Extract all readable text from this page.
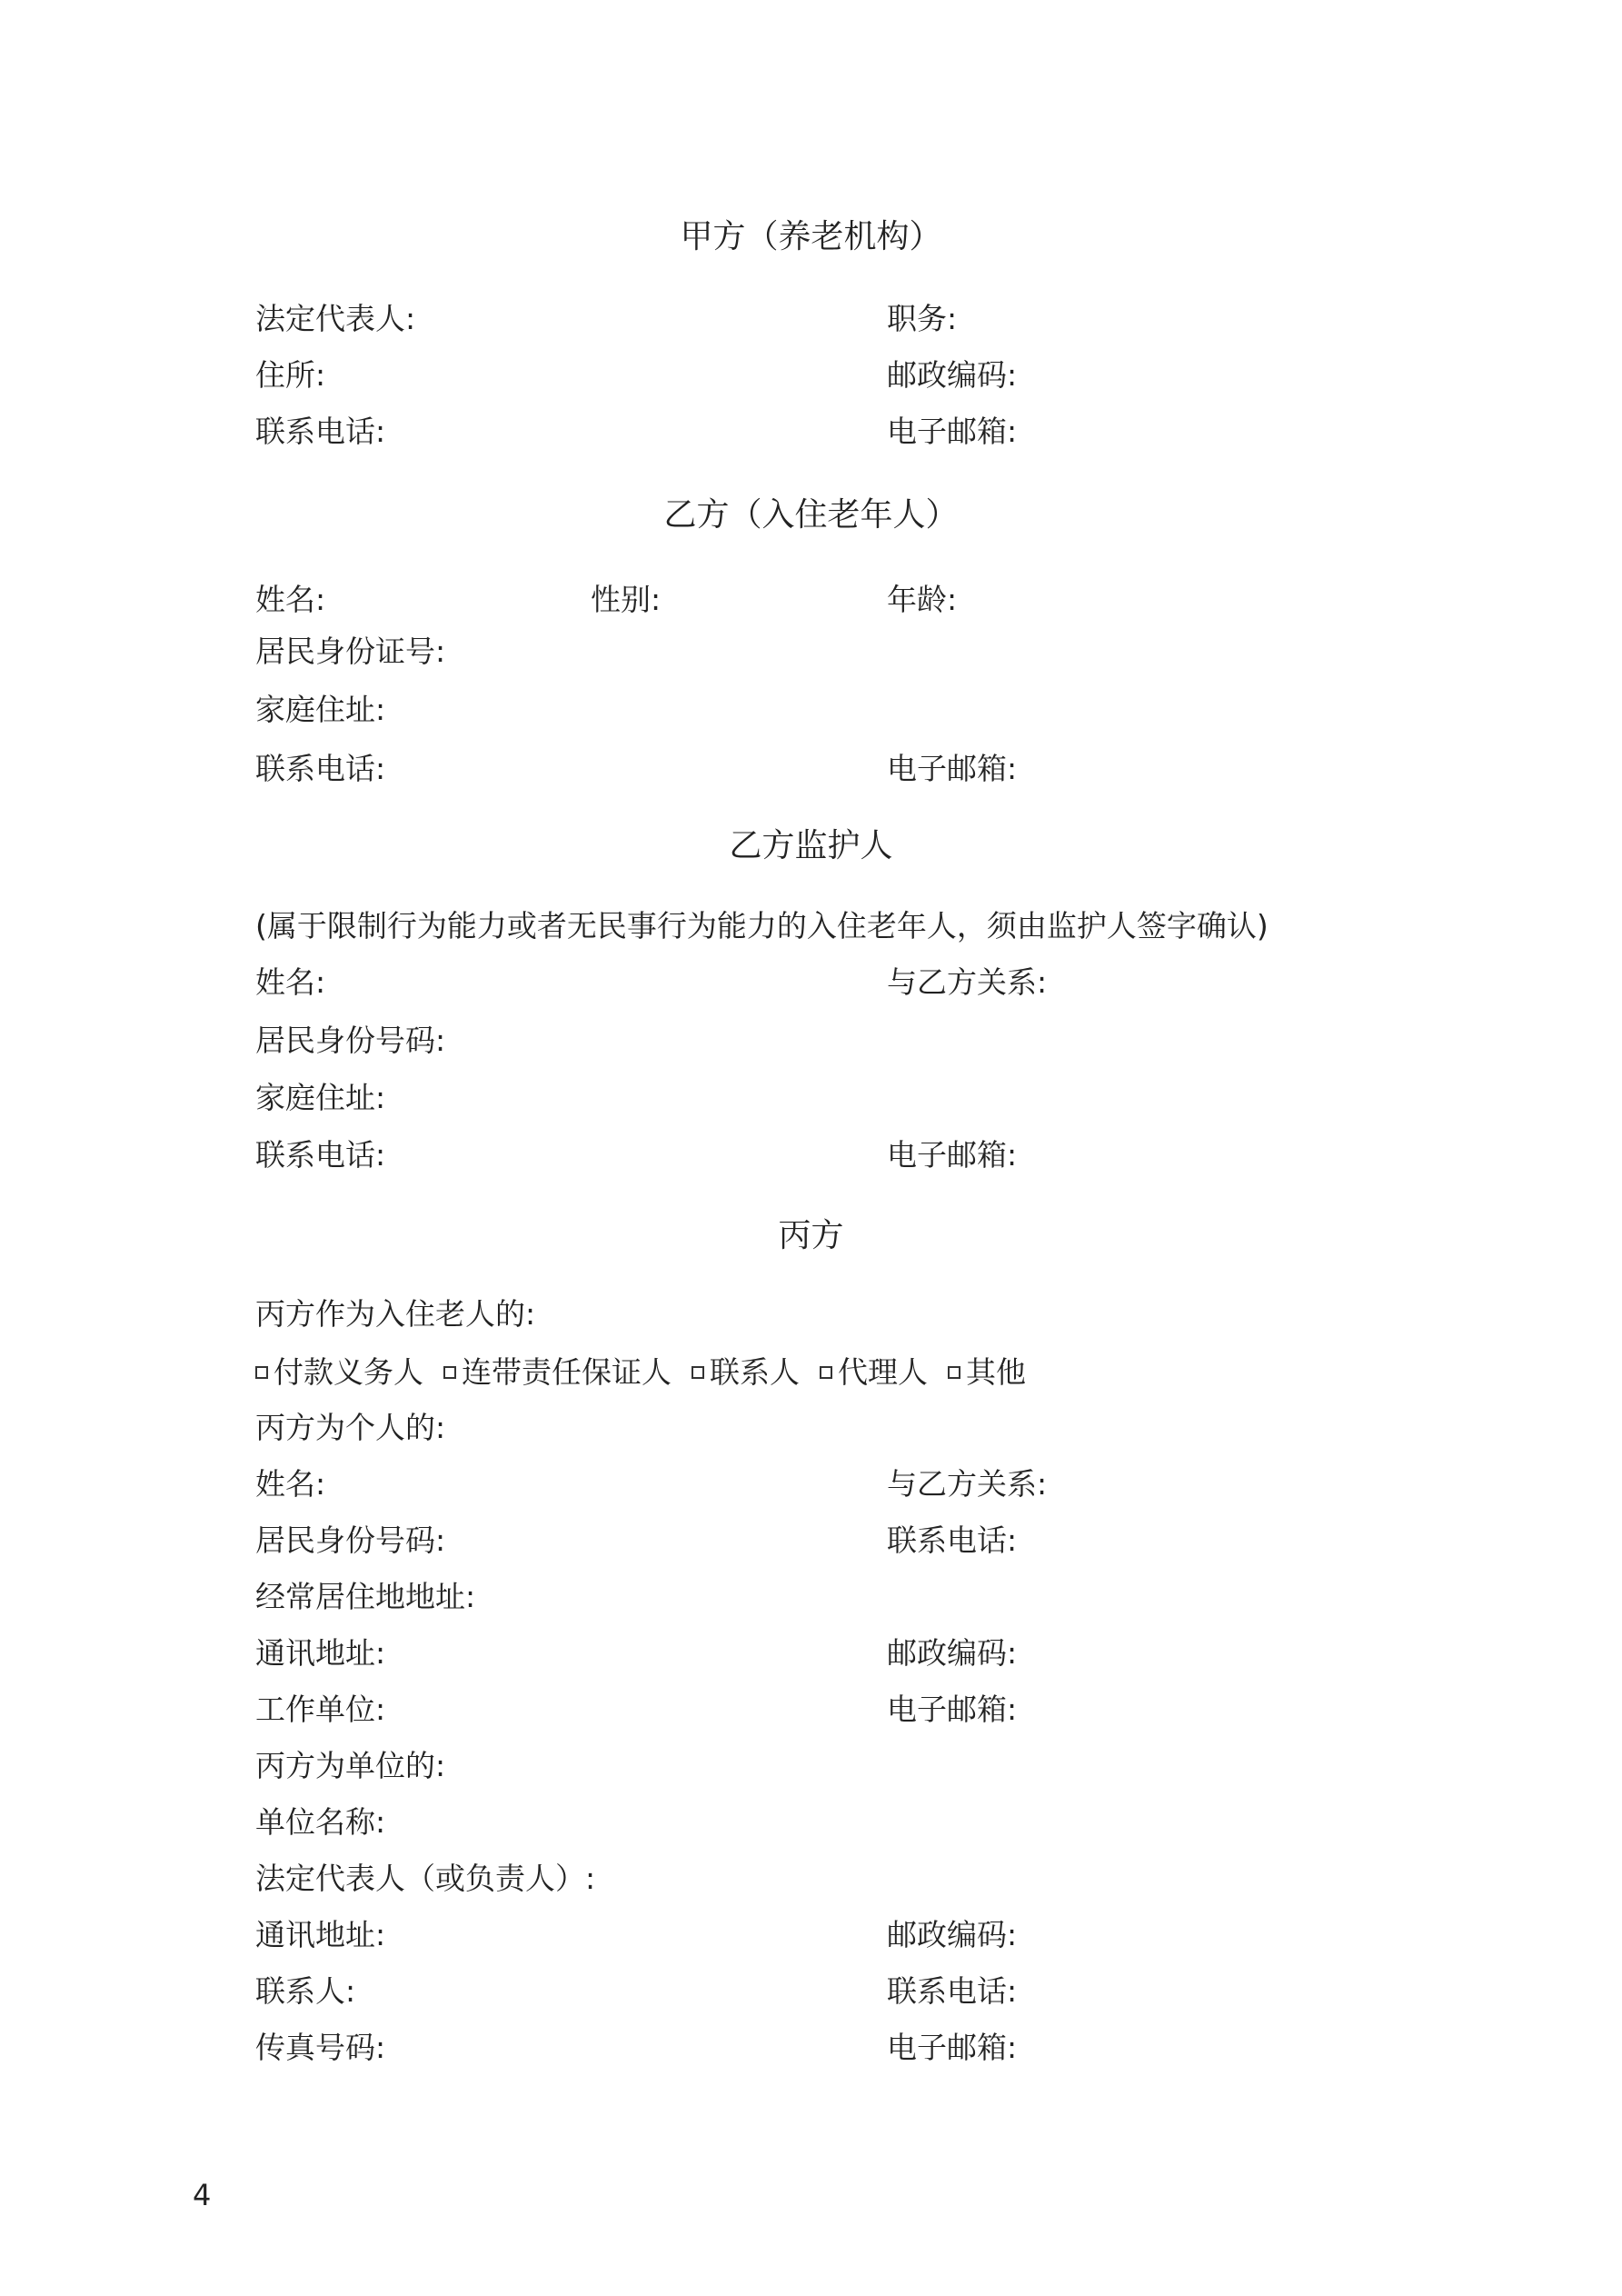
甲方（养老机构）
法定代表人:	职务:
住所:	邮政编码:
联系电话:	电子邮箱:
乙方（入住老年人）
姓名:	性别:	年龄:
居民身份证号:
家庭住址:
联系电话:	电子邮箱:
乙方监护人
(属于限制行为能力或者无民事行为能力的入住老年人，须由监护人签字确认)
姓名:	与乙方关系:
居民身份号码:
家庭住址:
联系电话:	电子邮箱:
丙方
丙方作为入住老人的:
付款义务人 连带责任保证人 联系人 代理人 其他
丙方为个人的:
姓名:	与乙方关系:
居民身份号码:	联系电话:
经常居住地地址:
通讯地址:	邮政编码:
工作单位:	电子邮箱:
丙方为单位的:
单位名称:
法定代表人（或负责人）:
通讯地址:	邮政编码:
联系人:	联系电话:
传真号码:	电子邮箱:
4
